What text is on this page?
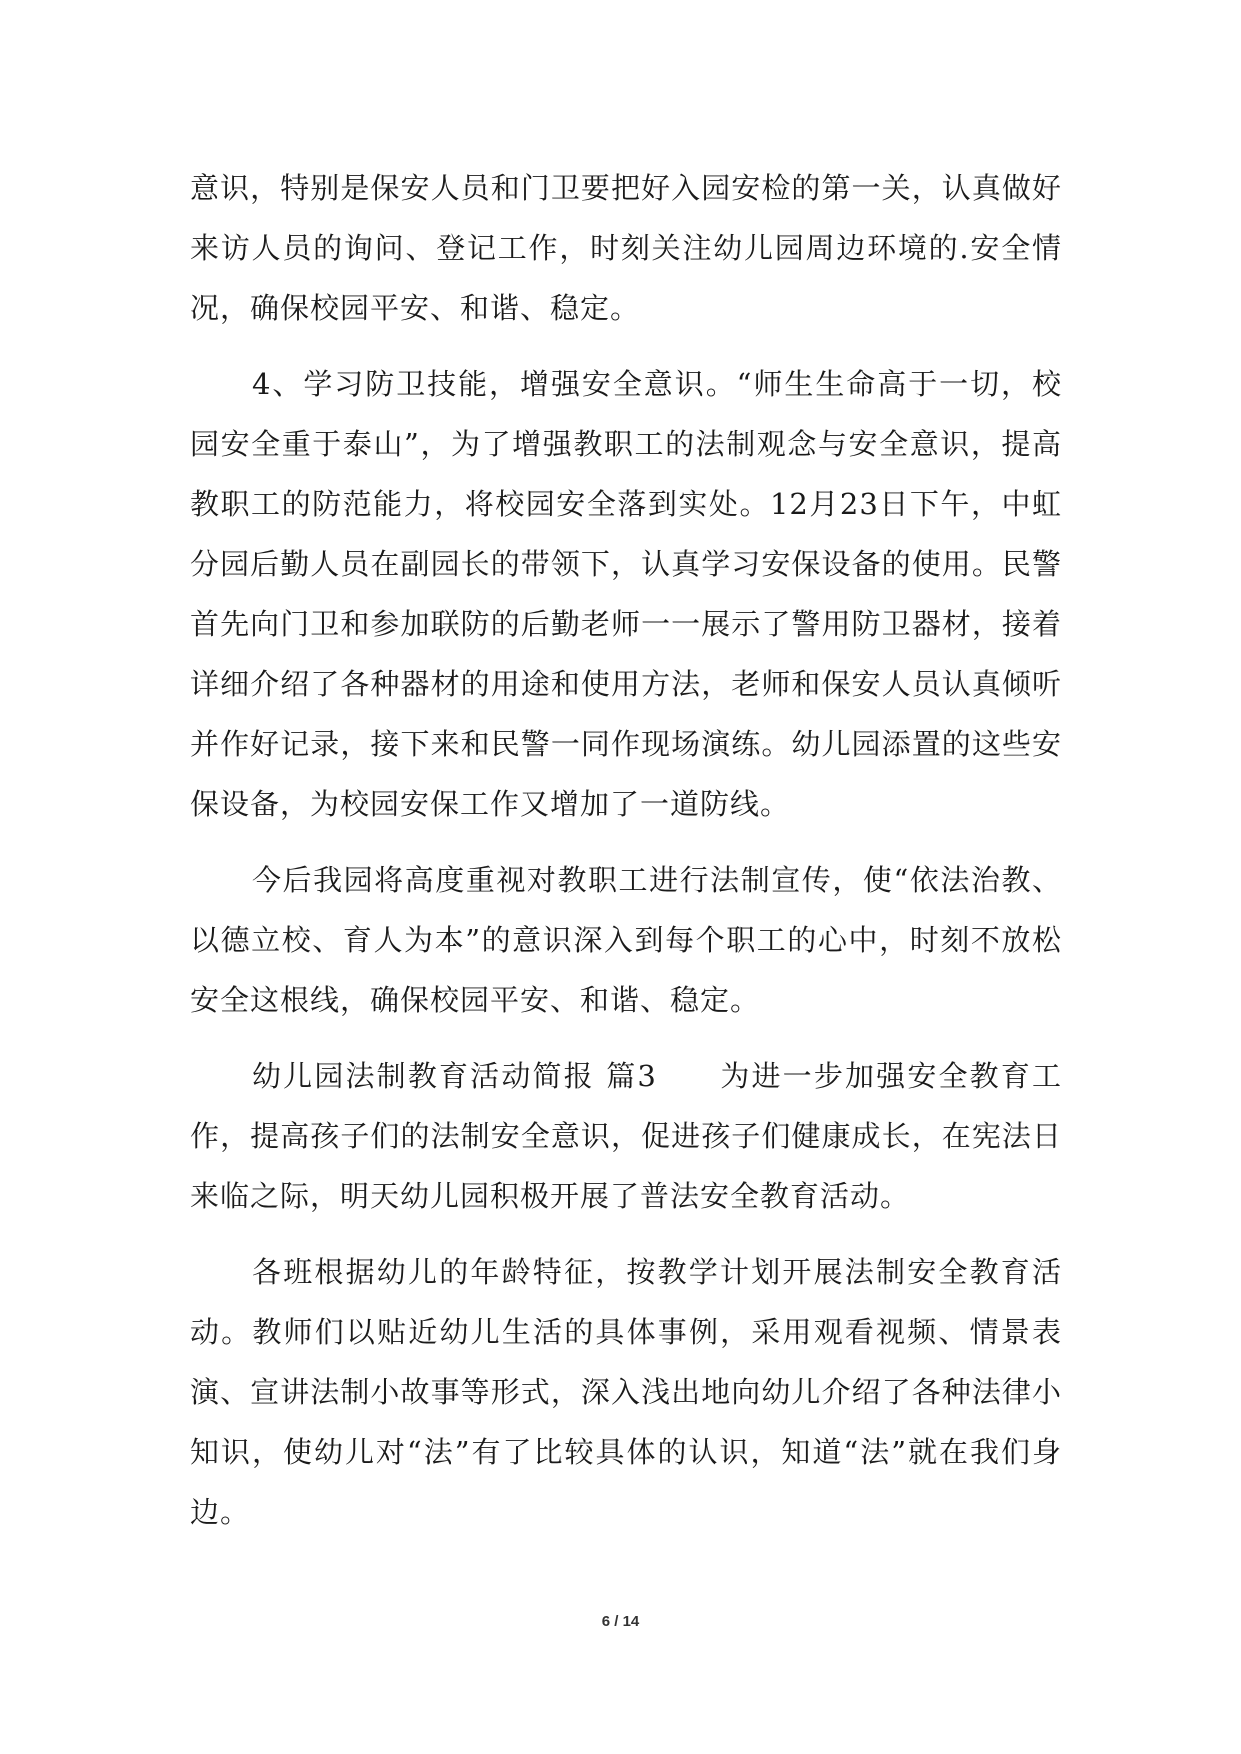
意识，特别是保安人员和门卫要把好入园安检的第一关，认真做好来访人员的询问、登记工作，时刻关注幼儿园周边环境的.安全情况，确保校园平安、和谐、稳定。

4、学习防卫技能，增强安全意识。“师生生命高于一切，校园安全重于泰山”，为了增强教职工的法制观念与安全意识，提高教职工的防范能力，将校园安全落到实处。12月23日下午，中虹分园后勤人员在副园长的带领下，认真学习安保设备的使用。民警首先向门卫和参加联防的后勤老师一一展示了警用防卫器材，接着详细介绍了各种器材的用途和使用方法，老师和保安人员认真倾听并作好记录，接下来和民警一同作现场演练。幼儿园添置的这些安保设备，为校园安保工作又增加了一道防线。

今后我园将高度重视对教职工进行法制宣传，使“依法治教、以德立校、育人为本”的意识深入到每个职工的心中，时刻不放松安全这根线，确保校园平安、和谐、稳定。

幼儿园法制教育活动简报 篇3　　为进一步加强安全教育工作，提高孩子们的法制安全意识，促进孩子们健康成长，在宪法日来临之际，明天幼儿园积极开展了普法安全教育活动。

各班根据幼儿的年龄特征，按教学计划开展法制安全教育活动。教师们以贴近幼儿生活的具体事例，采用观看视频、情景表演、宣讲法制小故事等形式，深入浅出地向幼儿介绍了各种法律小知识，使幼儿对“法”有了比较具体的认识，知道“法”就在我们身边。

6 / 14
